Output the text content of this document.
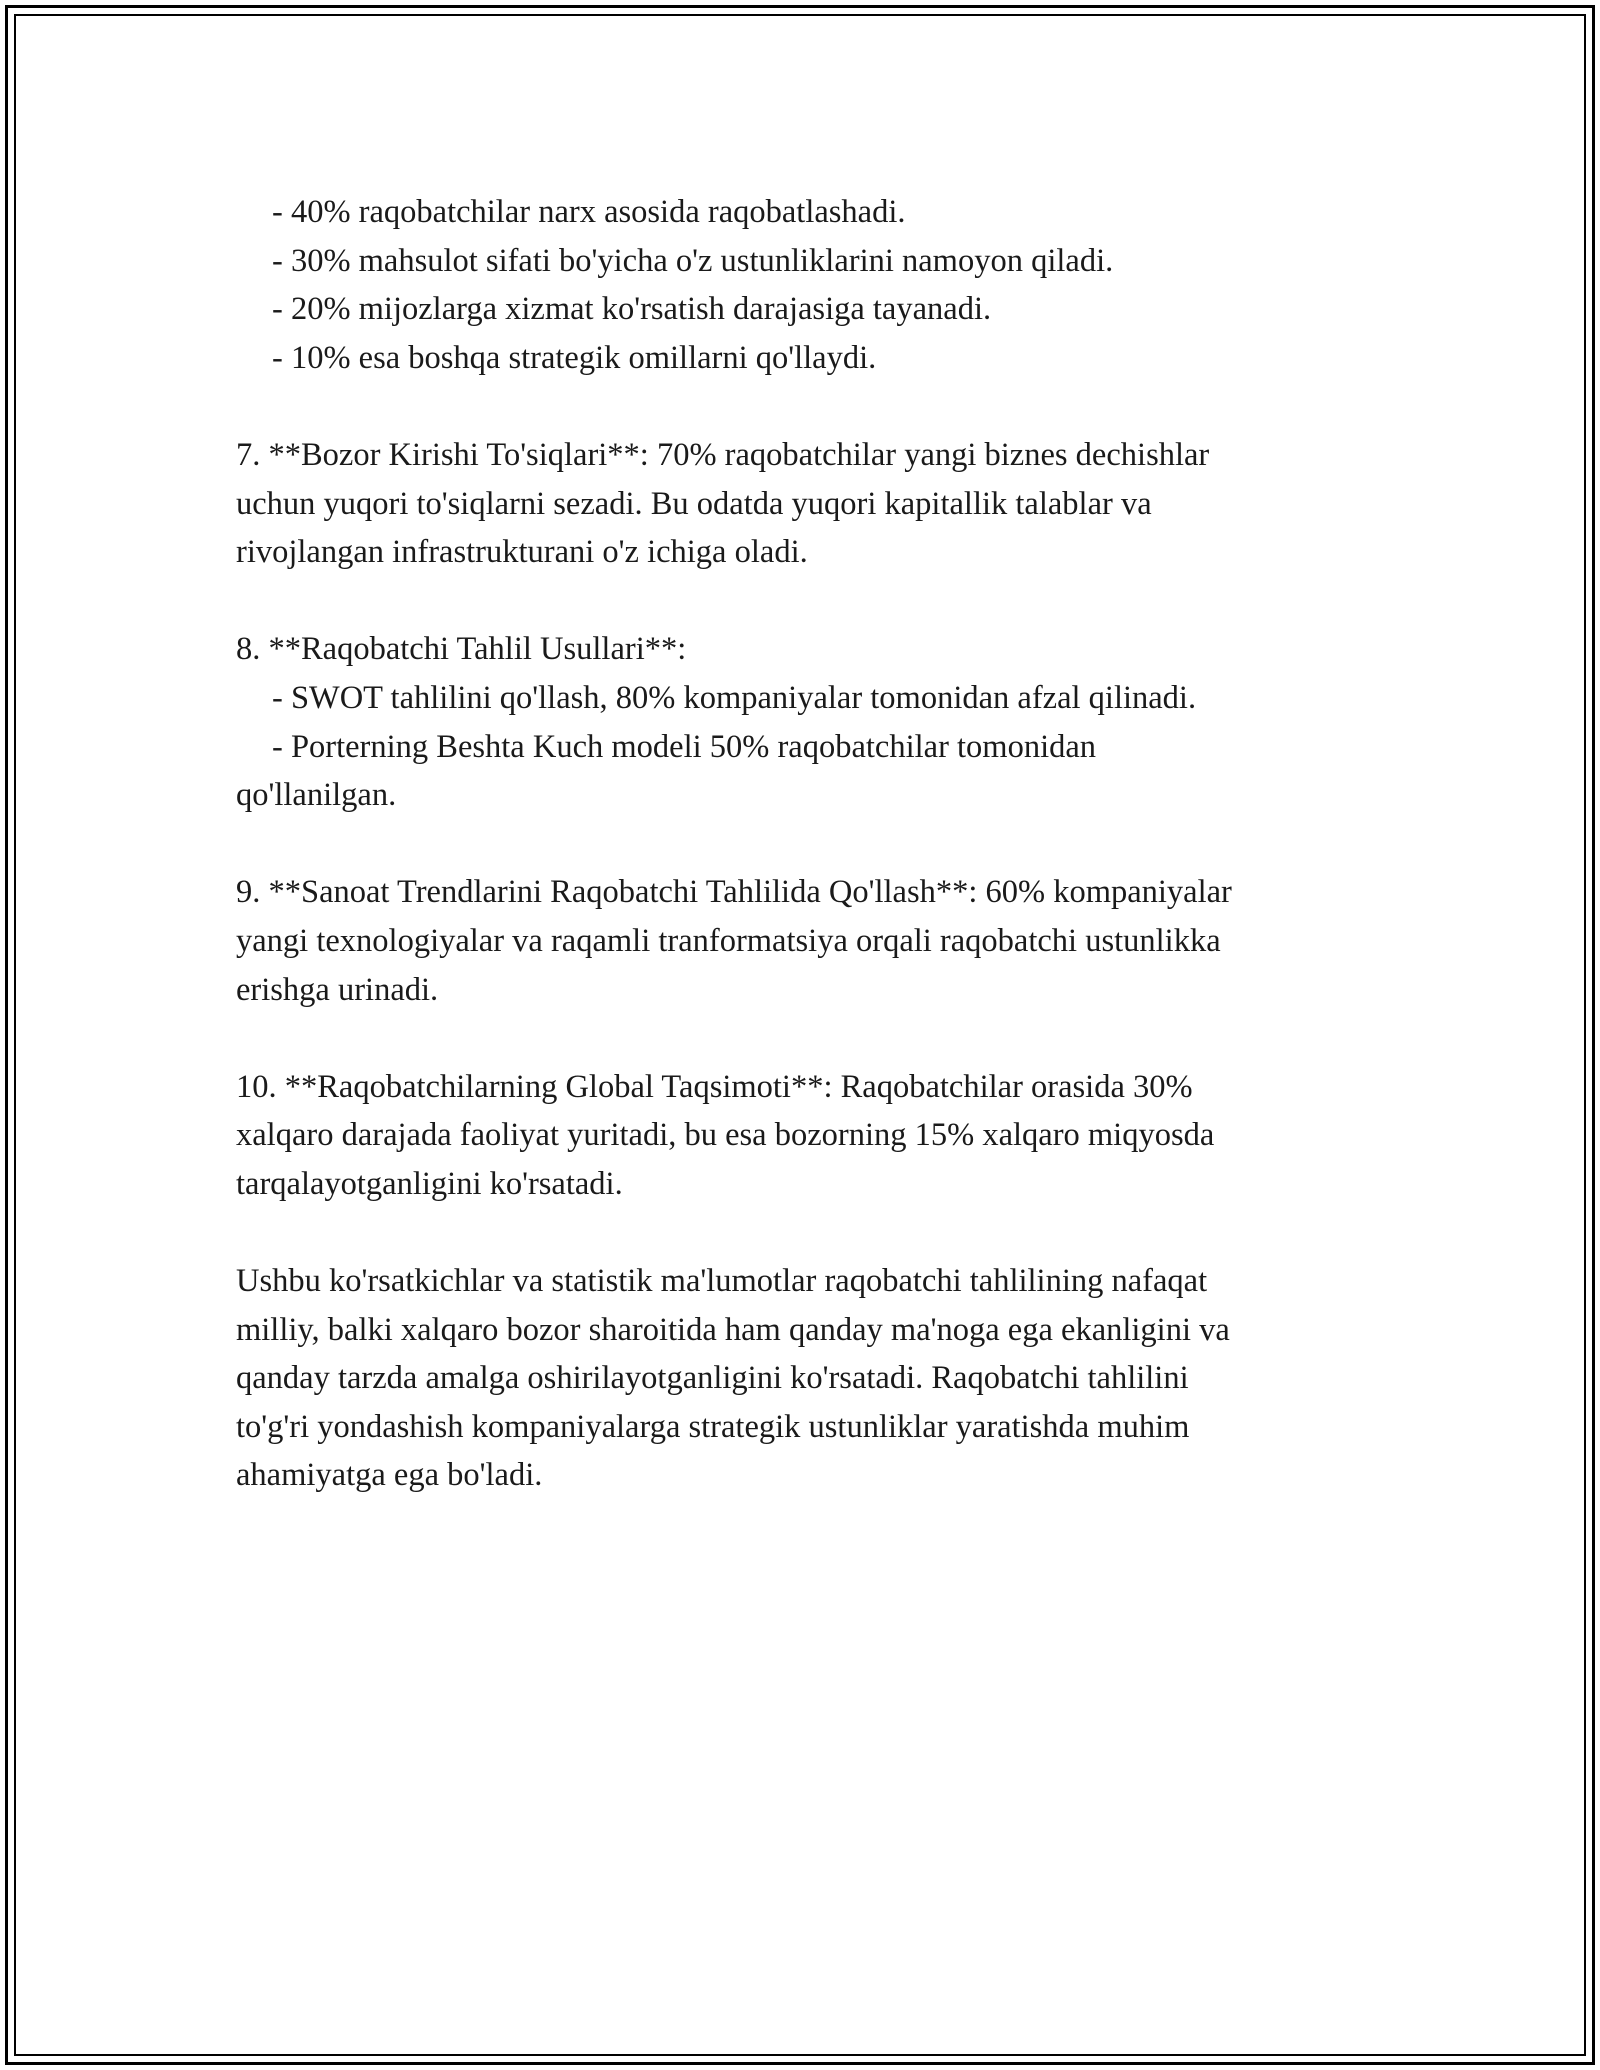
- 40% raqobatchilar narx asosida raqobatlashadi.
- 30% mahsulot sifati bo'yicha o'z ustunliklarini namoyon qiladi.
- 20% mijozlarga xizmat ko'rsatish darajasiga tayanadi.
- 10% esa boshqa strategik omillarni qo'llaydi.
7. **Bozor Kirishi To'siqlari**: 70% raqobatchilar yangi biznes dechishlar
uchun yuqori to'siqlarni sezadi. Bu odatda yuqori kapitallik talablar va
rivojlangan infrastrukturani o'z ichiga oladi.
8. **Raqobatchi Tahlil Usullari**:
- SWOT tahlilini qo'llash, 80% kompaniyalar tomonidan afzal qilinadi.
- Porterning Beshta Kuch modeli 50% raqobatchilar tomonidan
qo'llanilgan.
9. **Sanoat Trendlarini Raqobatchi Tahlilida Qo'llash**: 60% kompaniyalar
yangi texnologiyalar va raqamli tranformatsiya orqali raqobatchi ustunlikka
erishga urinadi.
10. **Raqobatchilarning Global Taqsimoti**: Raqobatchilar orasida 30%
xalqaro darajada faoliyat yuritadi, bu esa bozorning 15% xalqaro miqyosda
tarqalayotganligini ko'rsatadi.
Ushbu ko'rsatkichlar va statistik ma'lumotlar raqobatchi tahlilining nafaqat
milliy, balki xalqaro bozor sharoitida ham qanday ma'noga ega ekanligini va
qanday tarzda amalga oshirilayotganligini ko'rsatadi. Raqobatchi tahlilini
to'g'ri yondashish kompaniyalarga strategik ustunliklar yaratishda muhim
ahamiyatga ega bo'ladi.
